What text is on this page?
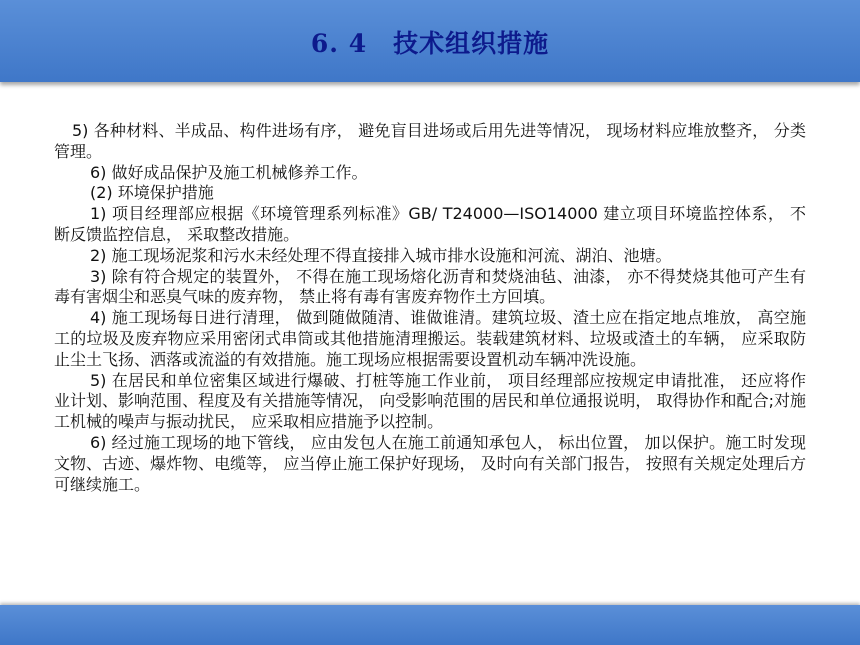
6. 4　技术组织措施

5) 各种材料、半成品、构件进场有序， 避免盲目进场或后用先进等情况， 现场材料应堆放整齐， 分类管理。

6) 做好成品保护及施工机械修养工作。

(2) 环境保护措施

1) 项目经理部应根据《环境管理系列标准》GB/ T24000—ISO14000 建立项目环境监控体系， 不断反馈监控信息， 采取整改措施。

2) 施工现场泥浆和污水未经处理不得直接排入城市排水设施和河流、湖泊、池塘。

3) 除有符合规定的装置外， 不得在施工现场熔化沥青和焚烧油毡、油漆， 亦不得焚烧其他可产生有毒有害烟尘和恶臭气味的废弃物， 禁止将有毒有害废弃物作土方回填。

4) 施工现场每日进行清理， 做到随做随清、谁做谁清。建筑垃圾、渣土应在指定地点堆放， 高空施工的垃圾及废弃物应采用密闭式串筒或其他措施清理搬运。装载建筑材料、垃圾或渣土的车辆， 应采取防止尘土飞扬、洒落或流溢的有效措施。施工现场应根据需要设置机动车辆冲洗设施。

5) 在居民和单位密集区域进行爆破、打桩等施工作业前， 项目经理部应按规定申请批准， 还应将作业计划、影响范围、程度及有关措施等情况， 向受影响范围的居民和单位通报说明， 取得协作和配合;对施工机械的噪声与振动扰民， 应采取相应措施予以控制。

6) 经过施工现场的地下管线， 应由发包人在施工前通知承包人， 标出位置， 加以保护。施工时发现文物、古迹、爆炸物、电缆等， 应当停止施工保护好现场， 及时向有关部门报告， 按照有关规定处理后方可继续施工。
